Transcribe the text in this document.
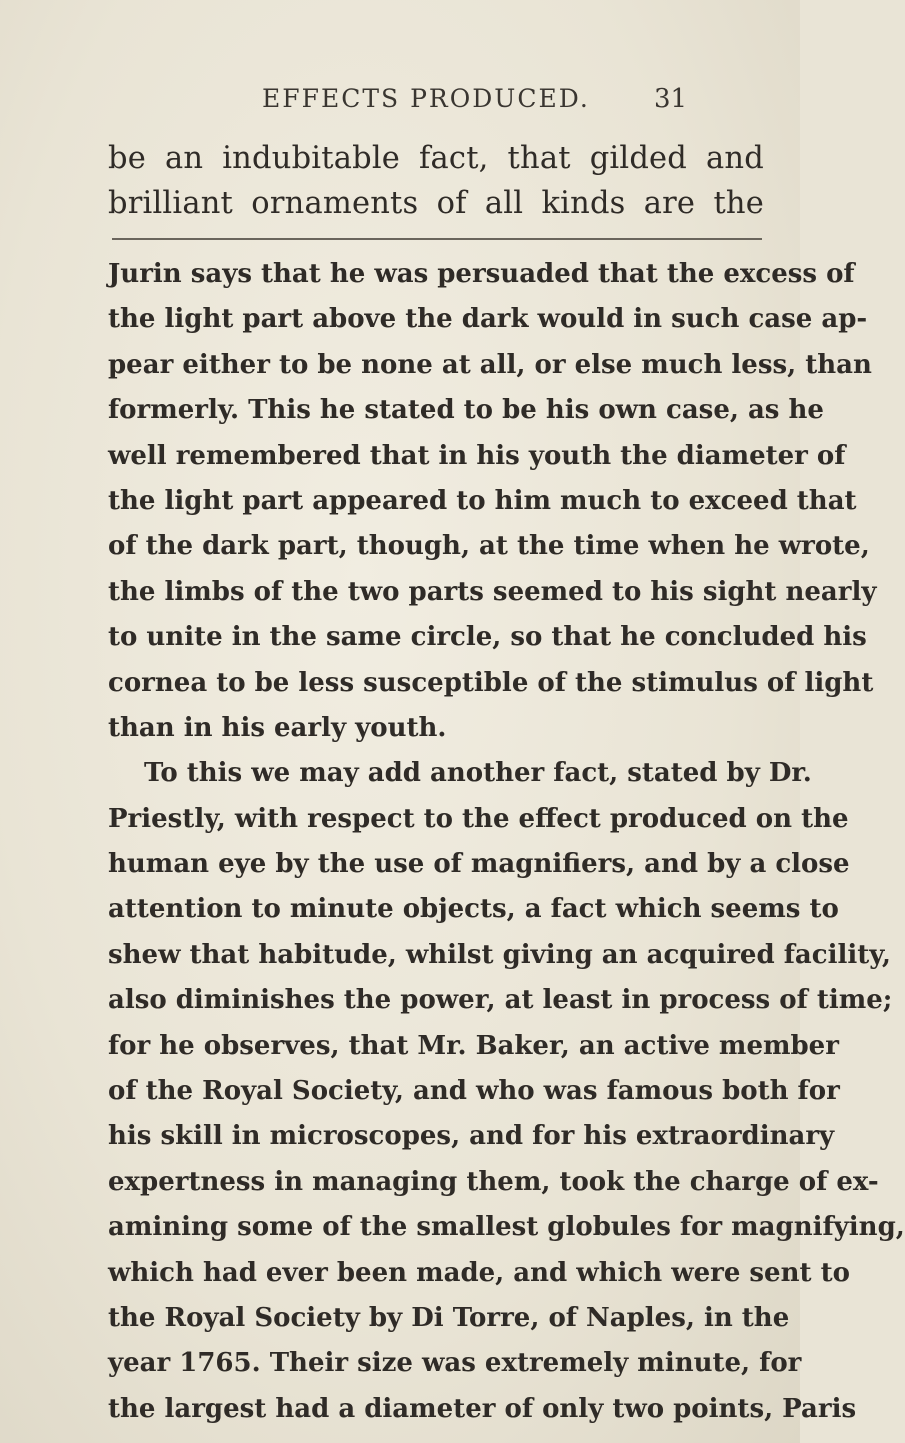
EFFECTS PRODUCED. 31
be an indubitable fact, that gilded and
brilliant ornaments of all kinds are the
Jurin says that he was persuaded that the excess of
the light part above the dark would in such case ap-
pear either to be none at all, or else much less, than
formerly. This he stated to be his own case, as he
well remembered that in his youth the diameter of
the light part appeared to him much to exceed that
of the dark part, though, at the time when he wrote,
the limbs of the two parts seemed to his sight nearly
to unite in the same circle, so that he concluded his
cornea to be less susceptible of the stimulus of light
than in his early youth.
To this we may add another fact, stated by Dr.
Priestly, with respect to the effect produced on the
human eye by the use of magnifiers, and by a close
attention to minute objects, a fact which seems to
shew that habitude, whilst giving an acquired facility,
also diminishes the power, at least in process of time;
for he observes, that Mr. Baker, an active member
of the Royal Society, and who was famous both for
his skill in microscopes, and for his extraordinary
expertness in managing them, took the charge of ex-
amining some of the smallest globules for magnifying,
which had ever been made, and which were sent to
the Royal Society by Di Torre, of Naples, in the
year 1765. Their size was extremely minute, for
the largest had a diameter of only two points, Paris
